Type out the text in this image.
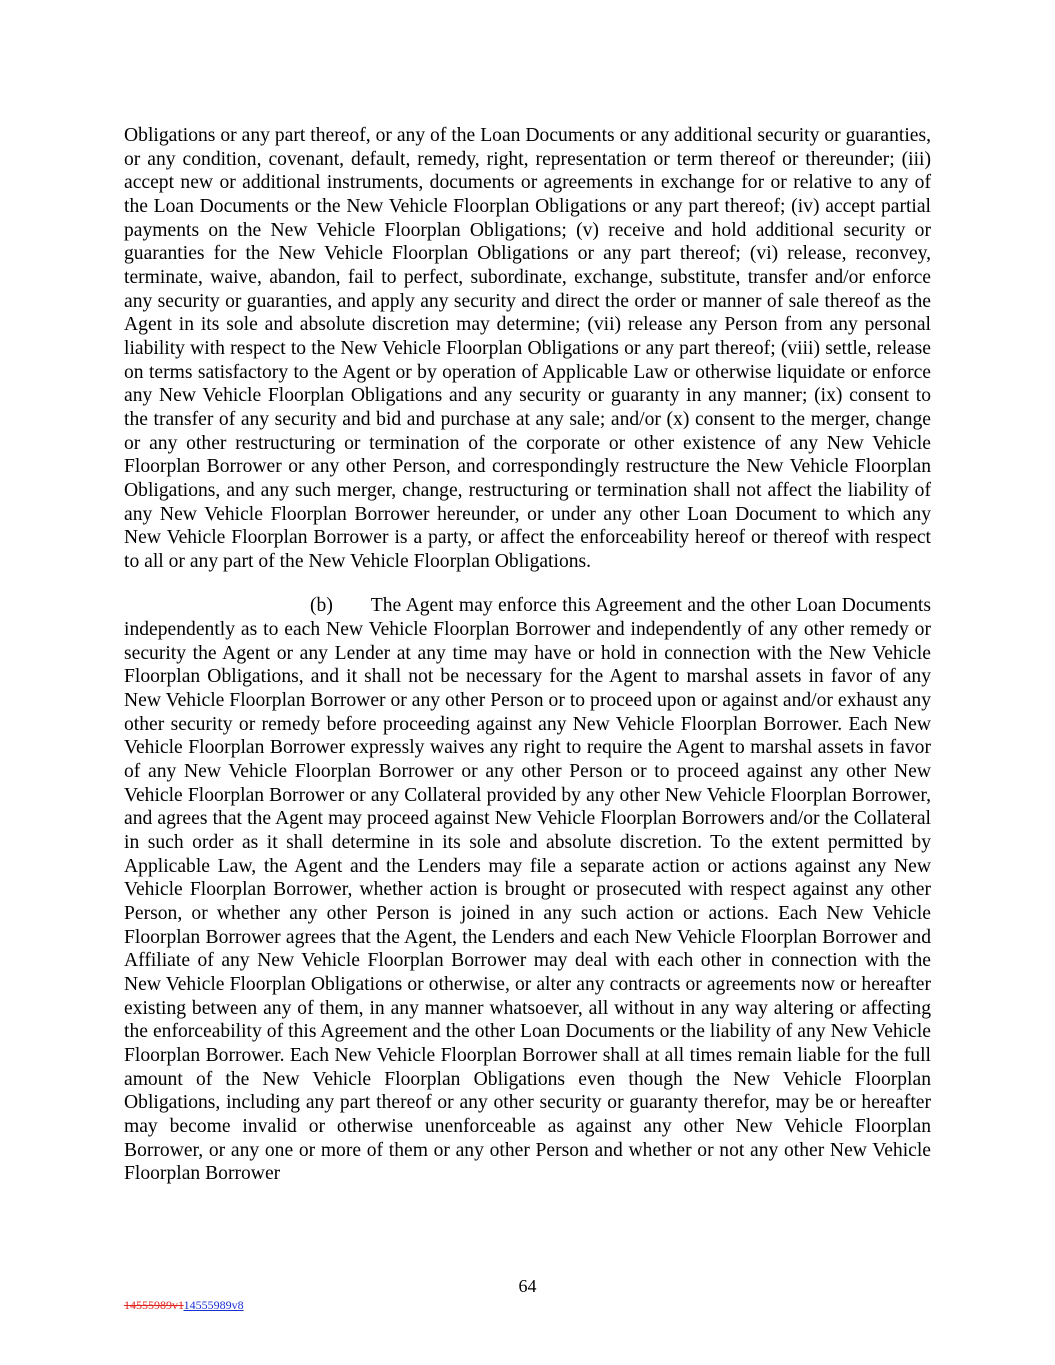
Obligations or any part thereof, or any of the Loan Documents or any additional security or guaranties, or any condition, covenant, default, remedy, right, representation or term thereof or thereunder; (iii) accept new or additional instruments, documents or agreements in exchange for or relative to any of the Loan Documents or the New Vehicle Floorplan Obligations or any part thereof; (iv) accept partial payments on the New Vehicle Floorplan Obligations; (v) receive and hold additional security or guaranties for the New Vehicle Floorplan Obligations or any part thereof; (vi) release, reconvey, terminate, waive, abandon, fail to perfect, subordinate, exchange, substitute, transfer and/or enforce any security or guaranties, and apply any security and direct the order or manner of sale thereof as the Agent in its sole and absolute discretion may determine; (vii) release any Person from any personal liability with respect to the New Vehicle Floorplan Obligations or any part thereof; (viii) settle, release on terms satisfactory to the Agent or by operation of Applicable Law or otherwise liquidate or enforce any New Vehicle Floorplan Obligations and any security or guaranty in any manner; (ix) consent to the transfer of any security and bid and purchase at any sale; and/or (x) consent to the merger, change or any other restructuring or termination of the corporate or other existence of any New Vehicle Floorplan Borrower or any other Person, and correspondingly restructure the New Vehicle Floorplan Obligations, and any such merger, change, restructuring or termination shall not affect the liability of any New Vehicle Floorplan Borrower hereunder, or under any other Loan Document to which any New Vehicle Floorplan Borrower is a party, or affect the enforceability hereof or thereof with respect to all or any part of the New Vehicle Floorplan Obligations.

(b) The Agent may enforce this Agreement and the other Loan Documents independently as to each New Vehicle Floorplan Borrower and independently of any other remedy or security the Agent or any Lender at any time may have or hold in connection with the New Vehicle Floorplan Obligations, and it shall not be necessary for the Agent to marshal assets in favor of any New Vehicle Floorplan Borrower or any other Person or to proceed upon or against and/or exhaust any other security or remedy before proceeding against any New Vehicle Floorplan Borrower. Each New Vehicle Floorplan Borrower expressly waives any right to require the Agent to marshal assets in favor of any New Vehicle Floorplan Borrower or any other Person or to proceed against any other New Vehicle Floorplan Borrower or any Collateral provided by any other New Vehicle Floorplan Borrower, and agrees that the Agent may proceed against New Vehicle Floorplan Borrowers and/or the Collateral in such order as it shall determine in its sole and absolute discretion. To the extent permitted by Applicable Law, the Agent and the Lenders may file a separate action or actions against any New Vehicle Floorplan Borrower, whether action is brought or prosecuted with respect against any other Person, or whether any other Person is joined in any such action or actions. Each New Vehicle Floorplan Borrower agrees that the Agent, the Lenders and each New Vehicle Floorplan Borrower and Affiliate of any New Vehicle Floorplan Borrower may deal with each other in connection with the New Vehicle Floorplan Obligations or otherwise, or alter any contracts or agreements now or hereafter existing between any of them, in any manner whatsoever, all without in any way altering or affecting the enforceability of this Agreement and the other Loan Documents or the liability of any New Vehicle Floorplan Borrower. Each New Vehicle Floorplan Borrower shall at all times remain liable for the full amount of the New Vehicle Floorplan Obligations even though the New Vehicle Floorplan Obligations, including any part thereof or any other security or guaranty therefor, may be or hereafter may become invalid or otherwise unenforceable as against any other New Vehicle Floorplan Borrower, or any one or more of them or any other Person and whether or not any other New Vehicle Floorplan Borrower

64
14555989v114555989v8
